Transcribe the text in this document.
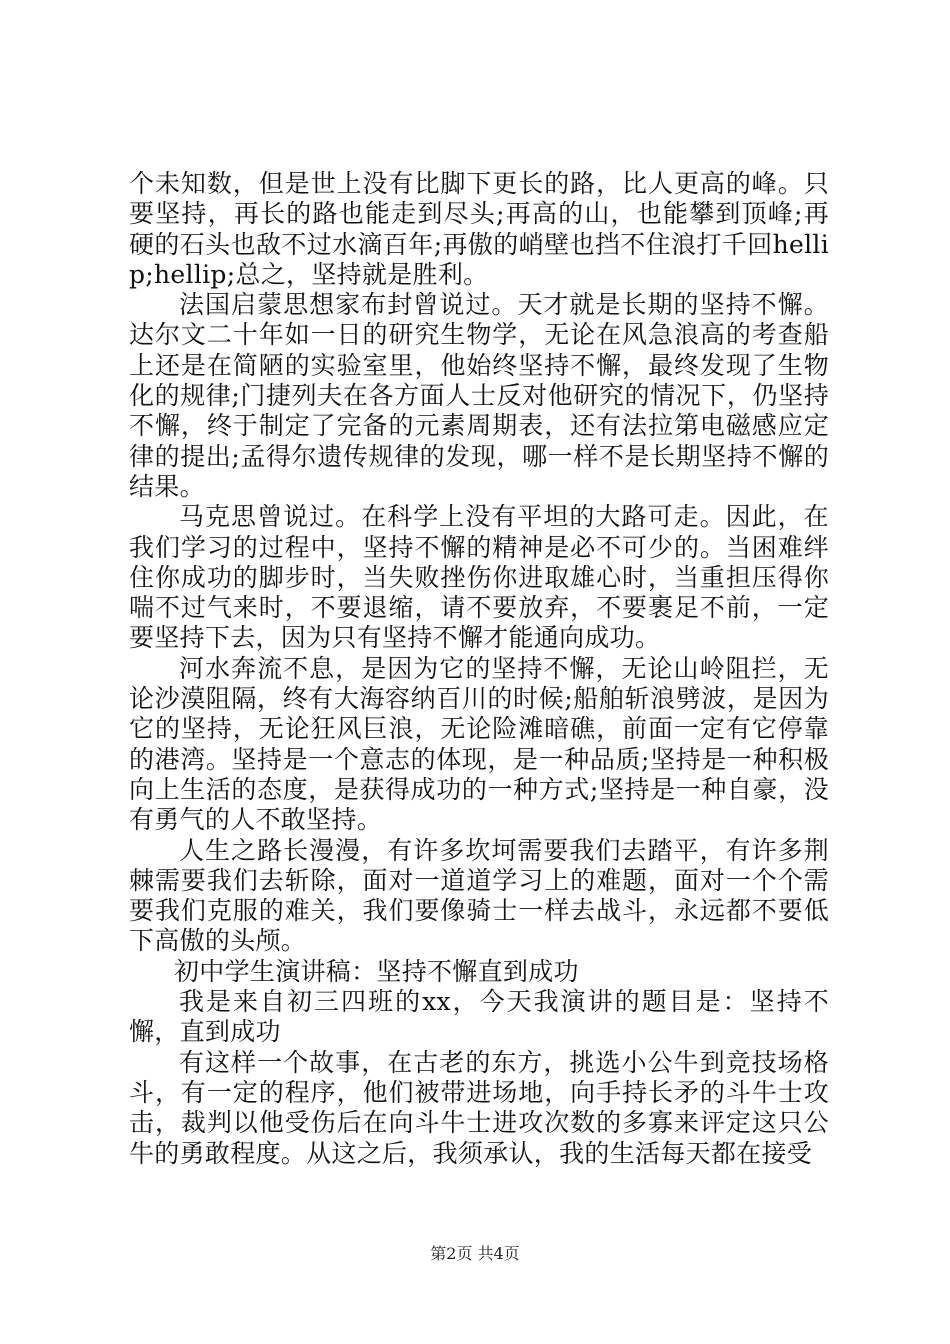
个未知数，但是世上没有比脚下更长的路，比人更高的峰。只要坚持，再长的路也能走到尽头;再高的山，也能攀到顶峰;再硬的石头也敌不过水滴百年;再傲的峭壁也挡不住浪打千回hellip;hellip;总之，坚持就是胜利。

法国启蒙思想家布封曾说过。天才就是长期的坚持不懈。达尔文二十年如一日的研究生物学，无论在风急浪高的考查船上还是在简陋的实验室里，他始终坚持不懈，最终发现了生物化的规律;门捷列夫在各方面人士反对他研究的情况下，仍坚持不懈，终于制定了完备的元素周期表，还有法拉第电磁感应定律的提出;孟得尔遗传规律的发现，哪一样不是长期坚持不懈的结果。

马克思曾说过。在科学上没有平坦的大路可走。因此，在我们学习的过程中，坚持不懈的精神是必不可少的。当困难绊住你成功的脚步时，当失败挫伤你进取雄心时，当重担压得你喘不过气来时，不要退缩，请不要放弃，不要裹足不前，一定要坚持下去，因为只有坚持不懈才能通向成功。

河水奔流不息，是因为它的坚持不懈，无论山岭阻拦，无论沙漠阻隔，终有大海容纳百川的时候;船舶斩浪劈波，是因为它的坚持，无论狂风巨浪，无论险滩暗礁，前面一定有它停靠的港湾。坚持是一个意志的体现，是一种品质;坚持是一种积极向上生活的态度，是获得成功的一种方式;坚持是一种自豪，没有勇气的人不敢坚持。

人生之路长漫漫，有许多坎坷需要我们去踏平，有许多荆棘需要我们去斩除，面对一道道学习上的难题，面对一个个需要我们克服的难关，我们要像骑士一样去战斗，永远都不要低下高傲的头颅。

初中学生演讲稿：坚持不懈直到成功

我是来自初三四班的xx，今天我演讲的题目是：坚持不懈，直到成功

有这样一个故事，在古老的东方，挑选小公牛到竞技场格斗，有一定的程序，他们被带进场地，向手持长矛的斗牛士攻击，裁判以他受伤后在向斗牛士进攻次数的多寡来评定这只公牛的勇敢程度。从这之后，我须承认，我的生活每天都在接受

第2页 共4页
